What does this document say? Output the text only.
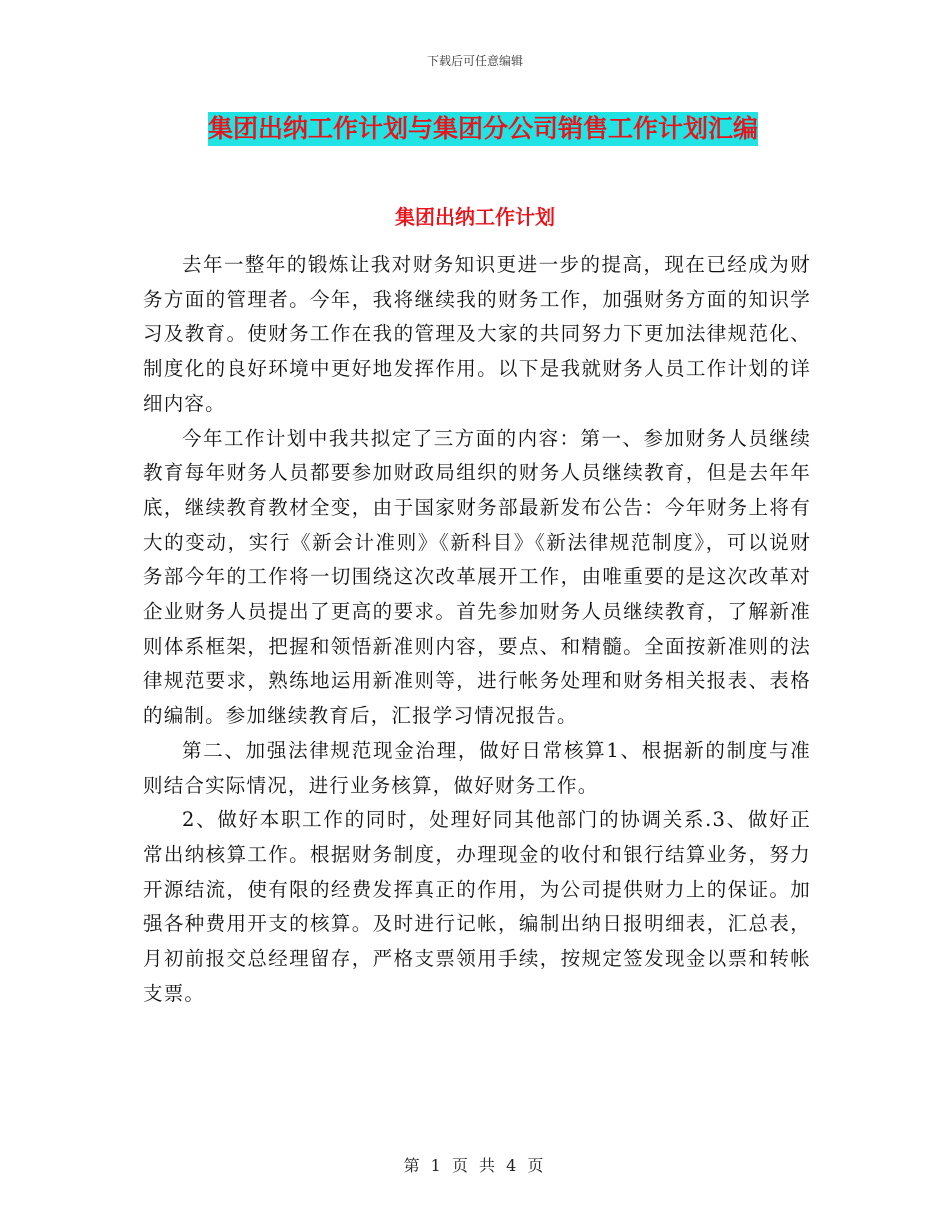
下载后可任意编辑
集团出纳工作计划与集团分公司销售工作计划汇编
集团出纳工作计划

去年一整年的锻炼让我对财务知识更进一步的提高，现在已经成为财务方面的管理者。今年，我将继续我的财务工作，加强财务方面的知识学习及教育。使财务工作在我的管理及大家的共同努力下更加法律规范化、制度化的良好环境中更好地发挥作用。以下是我就财务人员工作计划的详细内容。

今年工作计划中我共拟定了三方面的内容：第一、参加财务人员继续教育每年财务人员都要参加财政局组织的财务人员继续教育，但是去年年底，继续教育教材全变，由于国家财务部最新发布公告：今年财务上将有大的变动，实行《新会计准则》《新科目》《新法律规范制度》，可以说财务部今年的工作将一切围绕这次改革展开工作，由唯重要的是这次改革对企业财务人员提出了更高的要求。首先参加财务人员继续教育，了解新准则体系框架，把握和领悟新准则内容，要点、和精髓。全面按新准则的法律规范要求，熟练地运用新准则等，进行帐务处理和财务相关报表、表格的编制。参加继续教育后，汇报学习情况报告。

第二、加强法律规范现金治理，做好日常核算1、根据新的制度与准则结合实际情况，进行业务核算，做好财务工作。

2、做好本职工作的同时，处理好同其他部门的协调关系.3、做好正常出纳核算工作。根据财务制度，办理现金的收付和银行结算业务，努力开源结流，使有限的经费发挥真正的作用，为公司提供财力上的保证。加强各种费用开支的核算。及时进行记帐，编制出纳日报明细表，汇总表，月初前报交总经理留存，严格支票领用手续，按规定签发现金以票和转帐支票。

第 1 页 共 4 页
